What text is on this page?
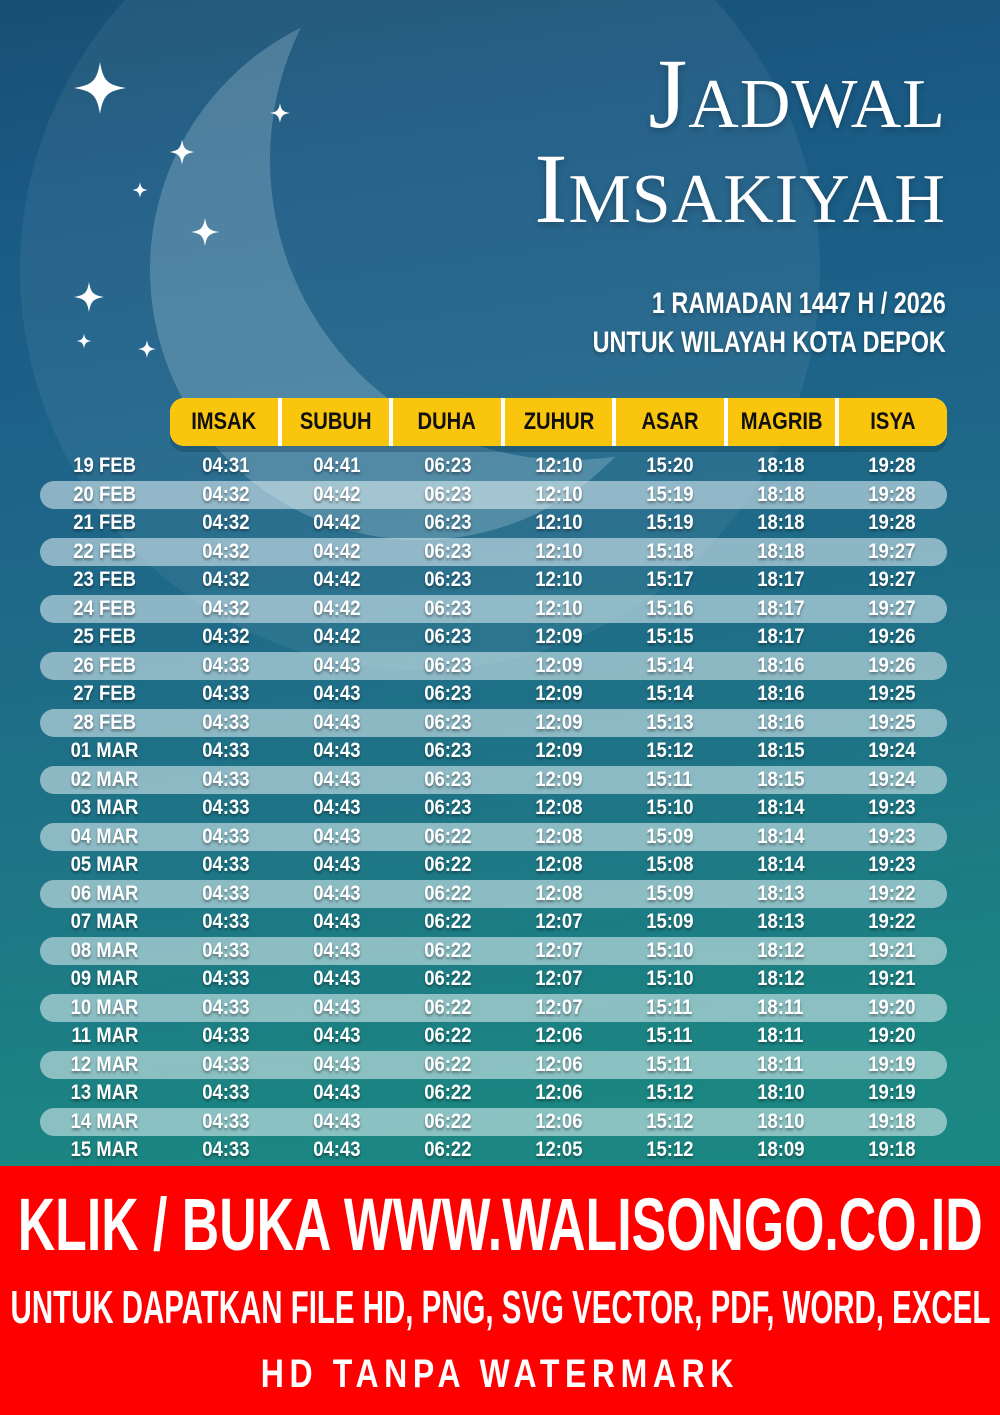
Jadwal
Imsakiyah
1 RAMADAN 1447 H / 2026
UNTUK WILAYAH KOTA DEPOK
IMSAK SUBUH DUHA ZUHUR ASAR MAGRIB ISYA
19 FEB	04:31	04:41	06:23	12:10	15:20	18:18	19:28
20 FEB	04:32	04:42	06:23	12:10	15:19	18:18	19:28
21 FEB	04:32	04:42	06:23	12:10	15:19	18:18	19:28
22 FEB	04:32	04:42	06:23	12:10	15:18	18:18	19:27
23 FEB	04:32	04:42	06:23	12:10	15:17	18:17	19:27
24 FEB	04:32	04:42	06:23	12:10	15:16	18:17	19:27
25 FEB	04:32	04:42	06:23	12:09	15:15	18:17	19:26
26 FEB	04:33	04:43	06:23	12:09	15:14	18:16	19:26
27 FEB	04:33	04:43	06:23	12:09	15:14	18:16	19:25
28 FEB	04:33	04:43	06:23	12:09	15:13	18:16	19:25
01 MAR	04:33	04:43	06:23	12:09	15:12	18:15	19:24
02 MAR	04:33	04:43	06:23	12:09	15:11	18:15	19:24
03 MAR	04:33	04:43	06:23	12:08	15:10	18:14	19:23
04 MAR	04:33	04:43	06:22	12:08	15:09	18:14	19:23
05 MAR	04:33	04:43	06:22	12:08	15:08	18:14	19:23
06 MAR	04:33	04:43	06:22	12:08	15:09	18:13	19:22
07 MAR	04:33	04:43	06:22	12:07	15:09	18:13	19:22
08 MAR	04:33	04:43	06:22	12:07	15:10	18:12	19:21
09 MAR	04:33	04:43	06:22	12:07	15:10	18:12	19:21
10 MAR	04:33	04:43	06:22	12:07	15:11	18:11	19:20
11 MAR	04:33	04:43	06:22	12:06	15:11	18:11	19:20
12 MAR	04:33	04:43	06:22	12:06	15:11	18:11	19:19
13 MAR	04:33	04:43	06:22	12:06	15:12	18:10	19:19
14 MAR	04:33	04:43	06:22	12:06	15:12	18:10	19:18
15 MAR	04:33	04:43	06:22	12:05	15:12	18:09	19:18
KLIK / BUKA WWW.WALISONGO.CO.ID
UNTUK DAPATKAN FILE HD, PNG, SVG VECTOR, PDF, WORD, EXCEL
HD TANPA WATERMARK
